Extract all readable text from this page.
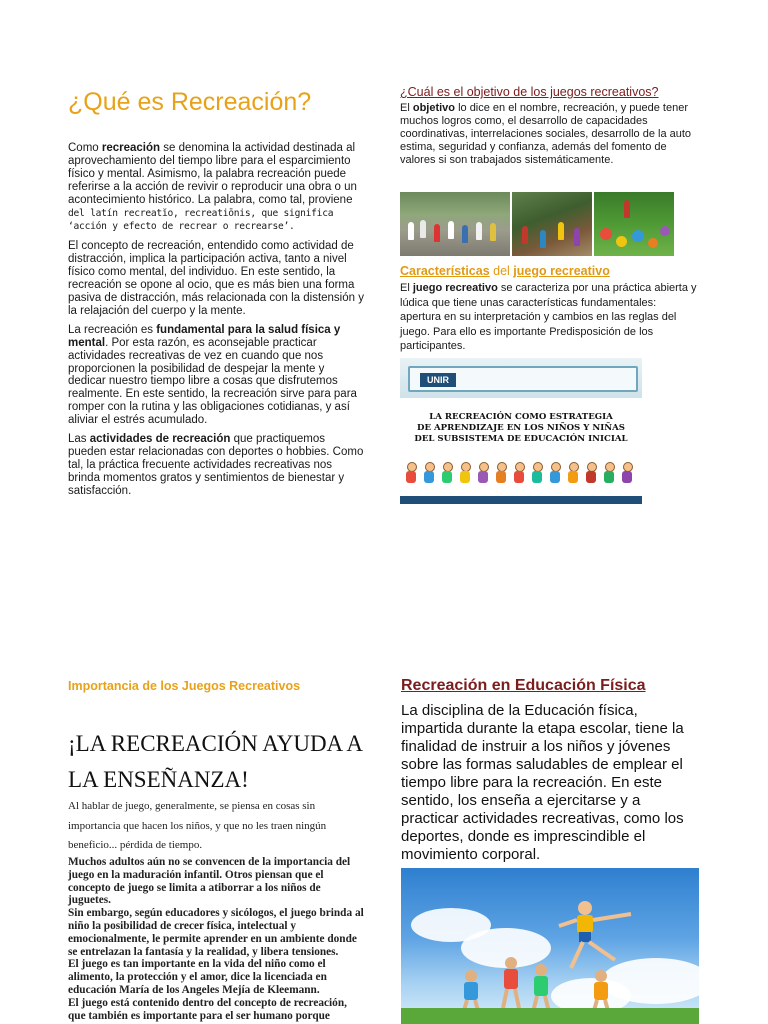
¿Qué es Recreación?

Como recreación se denomina la actividad destinada al aprovechamiento del tiempo libre para el esparcimiento físico y mental. Asimismo, la palabra recreación puede referirse a la acción de revivir o reproducir una obra o un acontecimiento histórico. La palabra, como tal, proviene del latín recreatĭo, recreatiōnis, que significa ‘acción y efecto de recrear o recrearse’.

El concepto de recreación, entendido como actividad de distracción, implica la participación activa, tanto a nivel físico como mental, del individuo. En este sentido, la recreación se opone al ocio, que es más bien una forma pasiva de distracción, más relacionada con la distensión y la relajación del cuerpo y la mente.

La recreación es fundamental para la salud física y mental. Por esta razón, es aconsejable practicar actividades recreativas de vez en cuando que nos proporcionen la posibilidad de despejar la mente y dedicar nuestro tiempo libre a cosas que disfrutemos realmente. En este sentido, la recreación sirve para para romper con la rutina y las obligaciones cotidianas, y así aliviar el estrés acumulado.

Las actividades de recreación que practiquemos pueden estar relacionadas con deportes o hobbies. Como tal, la práctica frecuente actividades recreativas nos brinda momentos gratos y sentimientos de bienestar y satisfacción.

¿Cuál es el objetivo de los juegos recreativos?

El objetivo lo dice en el nombre, recreación, y puede tener muchos logros como, el desarrollo de capacidades coordinativas, interrelaciones sociales, desarrollo de la auto estima, seguridad y confianza, además del fomento de valores si son trabajados sistemáticamente.

Características del juego recreativo

El juego recreativo se caracteriza por una práctica abierta y lúdica que tiene unas características fundamentales: apertura en su interpretación y cambios en las reglas del juego. Para ello es importante Predisposición de los participantes.

UNIR
LA RECREACIÓN COMO ESTRATEGIA
DE APRENDIZAJE EN LOS NIÑOS Y NIÑAS
DEL SUBSISTEMA DE EDUCACIÓN INICIAL
Importancia de los Juegos Recreativos
¡LA RECREACIÓN AYUDA A LA ENSEÑANZA!

Al hablar de juego, generalmente, se piensa en cosas sin importancia que hacen los niños, y que no les traen ningún beneficio... pérdida de tiempo.

Muchos adultos aún no se convencen de la importancia del juego en la maduración infantil. Otros piensan que el concepto de juego se limita a atiborrar a los niños de juguetes.
Sin embargo, según educadores y sicólogos, el juego brinda al niño la posibilidad de crecer física, intelectual y emocionalmente, le permite aprender en un ambiente donde se entrelazan la fantasía y la realidad, y libera tensiones.
El juego es tan importante en la vida del niño como el alimento, la protección y el amor, dice la licenciada en educación María de los Angeles Mejía de Kleemann.
El juego está contenido dentro del concepto de recreación, que también es importante para el ser humano porque
Recreación en Educación Física

La disciplina de la Educación física, impartida durante la etapa escolar, tiene la finalidad de instruir a los niños y jóvenes sobre las formas saludables de emplear el tiempo libre para la recreación. En este sentido, los enseña a ejercitarse y a practicar actividades recreativas, como los deportes, donde es imprescindible el movimiento corporal.
